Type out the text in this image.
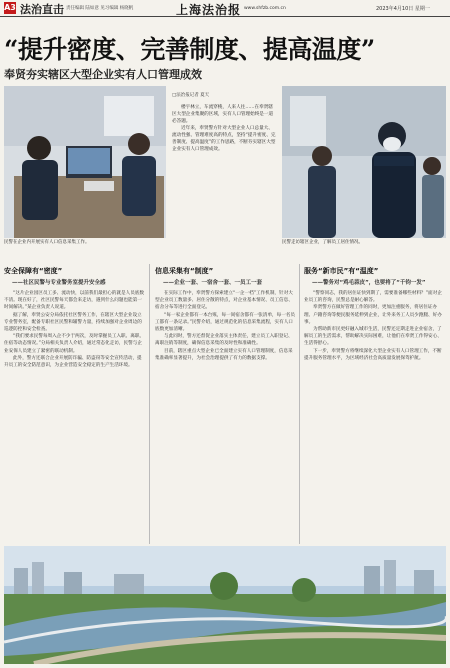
A3 法治直击 责任编辑 陆如意 见习编辑 杨晓帆	上海法治报 www.shfzb.com.cn	2023年4月10日 星期一
“提升密度、完善制度、提高温度”
奉贤夯实辖区大型企业实有人口管理成效
民警在企业内开展实有人口信息采集工作。	民警走访辖区企业，了解员工居住情况。
□法治报记者 夏天

楼宇林立，车流穿梭，人来人往……在奉贤辖区大型企业集聚的区域，实有人口管理始终是一道必答题。

近年来，奉贤警方针对大型企业人口总量大、流动性强、管理难度高的特点，坚持“提升密度、完善制度、提高温度”的工作思路，不断夯实辖区大型企业实有人口管理成效。

安全保障有“密度”
——社区民警与专业警务室提升安全感

“这片企业园区员工多、流动快，以前我们最担心的就是人员底数不清。现在好了，社区民警每天都会来走访，遇到什么问题也能第一时间解决。”某企业负责人说道。

据了解，奉贤公安分局依托社区警务工作，在辖区大型企业设立专业警务室，配备专职社区民警和辅警力量，持续加强对企业周边的巡逻防控和安全检查。

“我们要求民警每周入企不少于两次，及时掌握员工入职、离职、住宿等动态情况。”分局相关负责人介绍，通过常态化走访，民警与企业安保人员建立了紧密的联动机制。

此外，警方还联合企业开展防诈骗、防盗窃等安全宣传活动，提升员工的安全防范意识，为企业营造安全稳定的生产生活环境。

信息采集有“制度”
——企业一套、一宿舍一套、一员工一套

在实际工作中，奉贤警方探索建立“一企一档”工作机制，针对大型企业员工数量多、居住分散的特点，对企业基本情况、员工信息、宿舍分布等进行全面登记。

“每一家企业都有一本台账，每一间宿舍都有一张清单，每一名员工都有一条记录。”民警介绍，通过规范化的信息采集流程，实有人口底数更加清晰。

与此同时，警方还督促企业落实主体责任，建立员工入职登记、离职注销等制度，确保信息采集的及时性和准确性。

目前，辖区重点大型企业已全面建立实有人口管理制度，信息采集准确率显著提升，为社会治理提供了有力的数据支撑。

服务“新市民”有“温度”
——警务对“鸡毛蒜皮”，也要将了“千钧一发”

“警察同志，我的居住证快到期了，需要准备哪些材料？”面对企业员工的咨询，民警总是耐心解答。

奉贤警方在做好管理工作的同时，更加注重服务，将居住证办理、户籍咨询等便民服务延伸到企业，让外来务工人员少跑腿、好办事。

为帮助新市民更好融入城市生活，民警还定期走进企业宿舍，了解员工的生活需求，帮助解决实际困难，让他们在奉贤工作得安心、生活得舒心。

下一步，奉贤警方将继续深化大型企业实有人口管理工作，不断提升服务管理水平，为区域经济社会高质量发展保驾护航。
